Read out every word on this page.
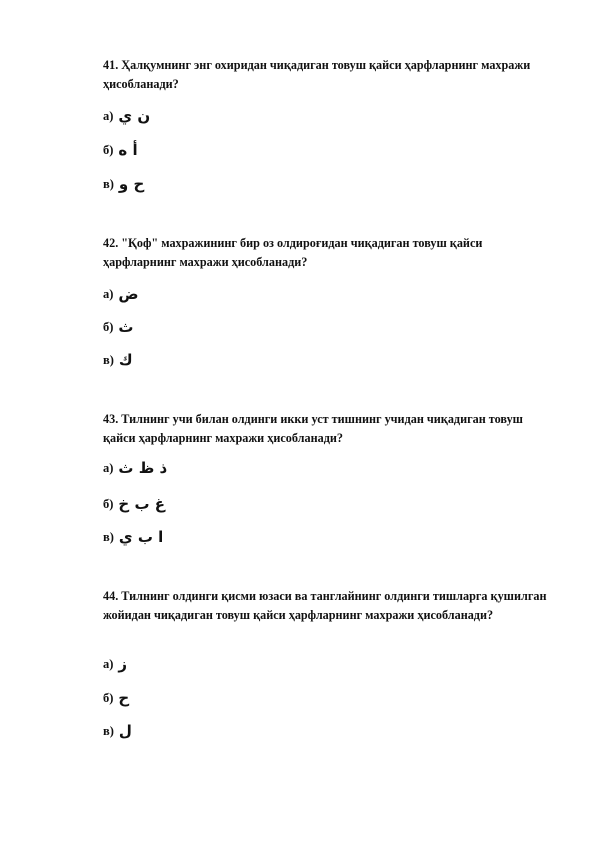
41. Ҳалқумнинг энг охиридан чиқадиган товуш қайси ҳарфларнинг махражи ҳисобланади?

а) ن ي
б) أ ه
в) ح و

42. "Қоф" махражининг бир оз олдироғидан чиқадиган товуш қайси ҳарфларнинг махражи ҳисобланади?

а) ض
б) ث
в) ك

43. Тилнинг учи билан олдинги икки уст тишнинг учидан чиқадиган товуш қайси ҳарфларнинг махражи ҳисобланади?

а) ذ ظ ث
б) غ ب خ
в) ا ب ي

44. Тилнинг олдинги қисми юзаси ва танглайнинг олдинги тишларга қушилган жойидан чиқадиган товуш қайси ҳарфларнинг махражи ҳисобланади?

а) ز
б) ح
в) ل
